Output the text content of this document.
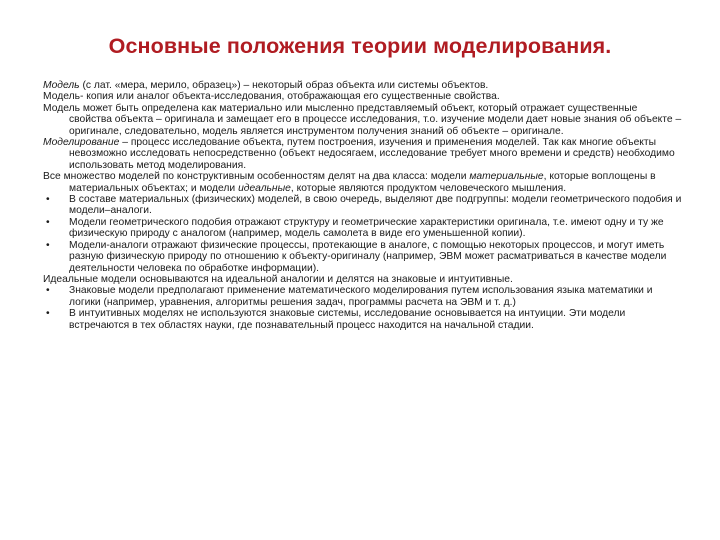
Основные положения теории моделирования.
Модель (с лат. «мера, мерило, образец») – некоторый образ объекта или системы объектов.
Модель- копия или аналог объекта-исследования, отображающая его существенные свойства.
Модель может быть определена как материально или мысленно представляемый объект, который отражает существенные свойства объекта – оригинала и замещает его в процессе исследования, т.о. изучение модели дает новые знания об объекте – оригинале, следовательно, модель является инструментом получения знаний об объекте – оригинале.
Моделирование – процесс исследование объекта, путем построения, изучения и применения моделей. Так как многие объекты невозможно исследовать непосредственно (объект недосягаем, исследование требует много времени и средств) необходимо использовать метод моделирования.
Все множество моделей по конструктивным особенностям делят на два класса: модели материальные, которые воплощены в материальных объектах; и модели идеальные, которые являются продуктом человеческого мышления.
• В составе материальных (физических) моделей, в свою очередь, выделяют две подгруппы: модели геометрического подобия и модели–аналоги.
• Модели геометрического подобия отражают структуру и геометрические характеристики оригинала, т.е. имеют одну и ту же физическую природу с аналогом (например, модель самолета в виде его уменьшенной копии).
• Модели-аналоги отражают физические процессы, протекающие в аналоге, с помощью некоторых процессов, и могут иметь разную физическую природу по отношению к объекту-оригиналу (например, ЭВМ может расматриваться в качестве модели деятельности человека по обработке информации).
Идеальные модели основываются на идеальной аналогии и делятся на знаковые и интуитивные.
• Знаковые модели предполагают применение математического моделирования путем использования языка математики и логики (например, уравнения, алгоритмы решения задач, программы расчета на ЭВМ и т. д.)
• В интуитивных моделях не используются знаковые системы, исследование основывается на интуиции. Эти модели встречаются в тех областях науки, где познавательный процесс находится на начальной стадии.
